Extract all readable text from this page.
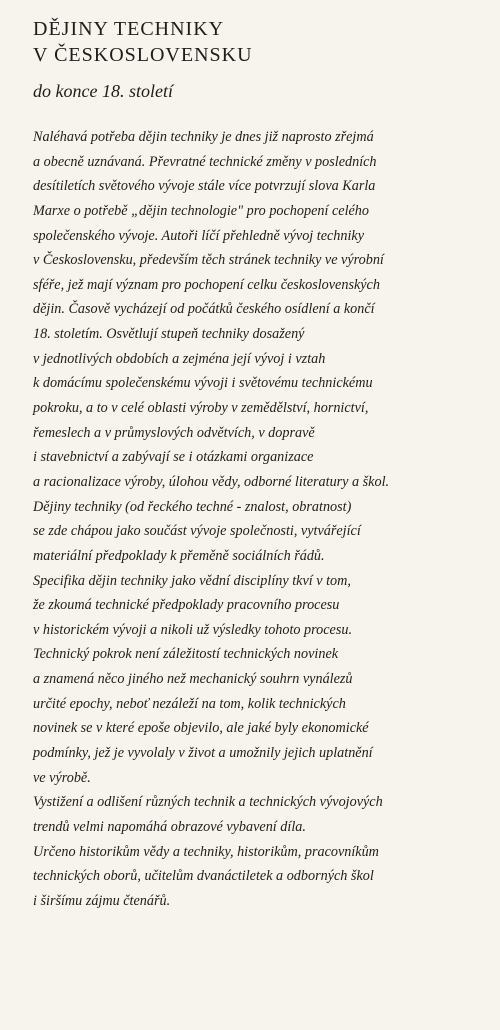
DĚJINY TECHNIKY
V ČESKOSLOVENSKU
do konce 18. století
Naléhavá potřeba dějin techniky je dnes již naprosto zřejmá
a obecně uznávaná. Převratné technické změny v posledních
desítiletích světového vývoje stále více potvrzují slova Karla
Marxe o potřebě „dějin technologie" pro pochopení celého
společenského vývoje. Autoři líčí přehledně vývoj techniky
v Československu, především těch stránek techniky ve výrobní
sféře, jež mají význam pro pochopení celku československých
dějin. Časově vycházejí od počátků českého osídlení a končí
18. stoletím. Osvětlují stupeň techniky dosažený
v jednotlivých obdobích a zejména její vývoj i vztah
k domácímu společenskému vývoji i světovému technickému
pokroku, a to v celé oblasti výroby v zemědělství, hornictví,
řemeslech a v průmyslových odvětvích, v dopravě
i stavebnictví a zabývají se i otázkami organizace
a racionalizace výroby, úlohou vědy, odborné literatury a škol.
Dějiny techniky (od řeckého techné - znalost, obratnost)
se zde chápou jako součást vývoje společnosti, vytvářející
materiální předpoklady k přeměně sociálních řádů.
Specifika dějin techniky jako vědní disciplíny tkví v tom,
že zkoumá technické předpoklady pracovního procesu
v historickém vývoji a nikoli už výsledky tohoto procesu.
Technický pokrok není záležitostí technických novinek
a znamená něco jiného než mechanický souhrn vynálezů
určité epochy, neboť nezáleží na tom, kolik technických
novinek se v které epoše objevilo, ale jaké byly ekonomické
podmínky, jež je vyvolaly v život a umožnily jejich uplatnění
ve výrobě.
Vystižení a odlišení různých technik a technických vývojových
trendů velmi napomáhá obrazové vybavení díla.
Určeno historikům vědy a techniky, historikům, pracovníkům
technických oborů, učitelům dvanáctiletek a odborných škol
i širšímu zájmu čtenářů.
